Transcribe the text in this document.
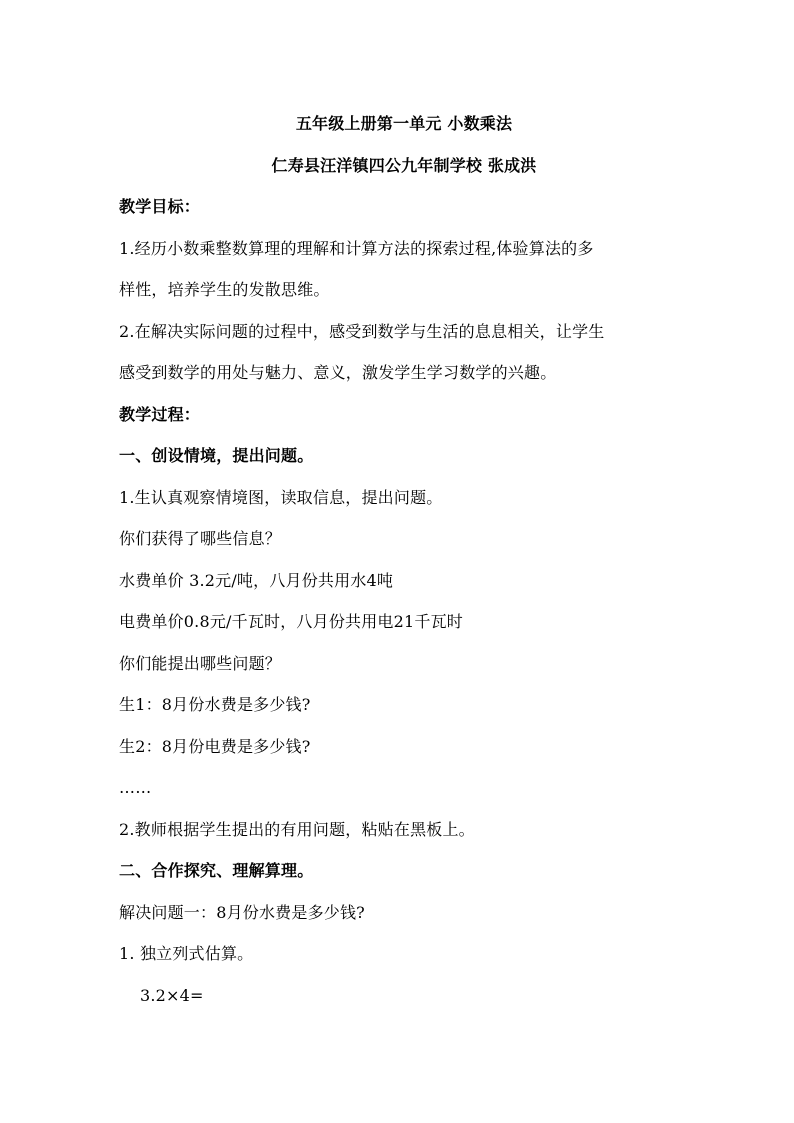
五年级上册第一单元 小数乘法
仁寿县汪洋镇四公九年制学校 张成洪
教学目标：
1.经历小数乘整数算理的理解和计算方法的探索过程,体验算法的多
样性，培养学生的发散思维。
2.在解决实际问题的过程中，感受到数学与生活的息息相关，让学生
感受到数学的用处与魅力、意义，激发学生学习数学的兴趣。
教学过程：
一、创设情境，提出问题。
1.生认真观察情境图，读取信息，提出问题。
你们获得了哪些信息？
水费单价 3.2元/吨，八月份共用水4吨
电费单价0.8元/千瓦时，八月份共用电21千瓦时
你们能提出哪些问题？
生1：8月份水费是多少钱?
生2：8月份电费是多少钱?
……
2.教师根据学生提出的有用问题，粘贴在黑板上。
二、合作探究、理解算理。
解决问题一：8月份水费是多少钱?
1. 独立列式估算。
3.2×4=
